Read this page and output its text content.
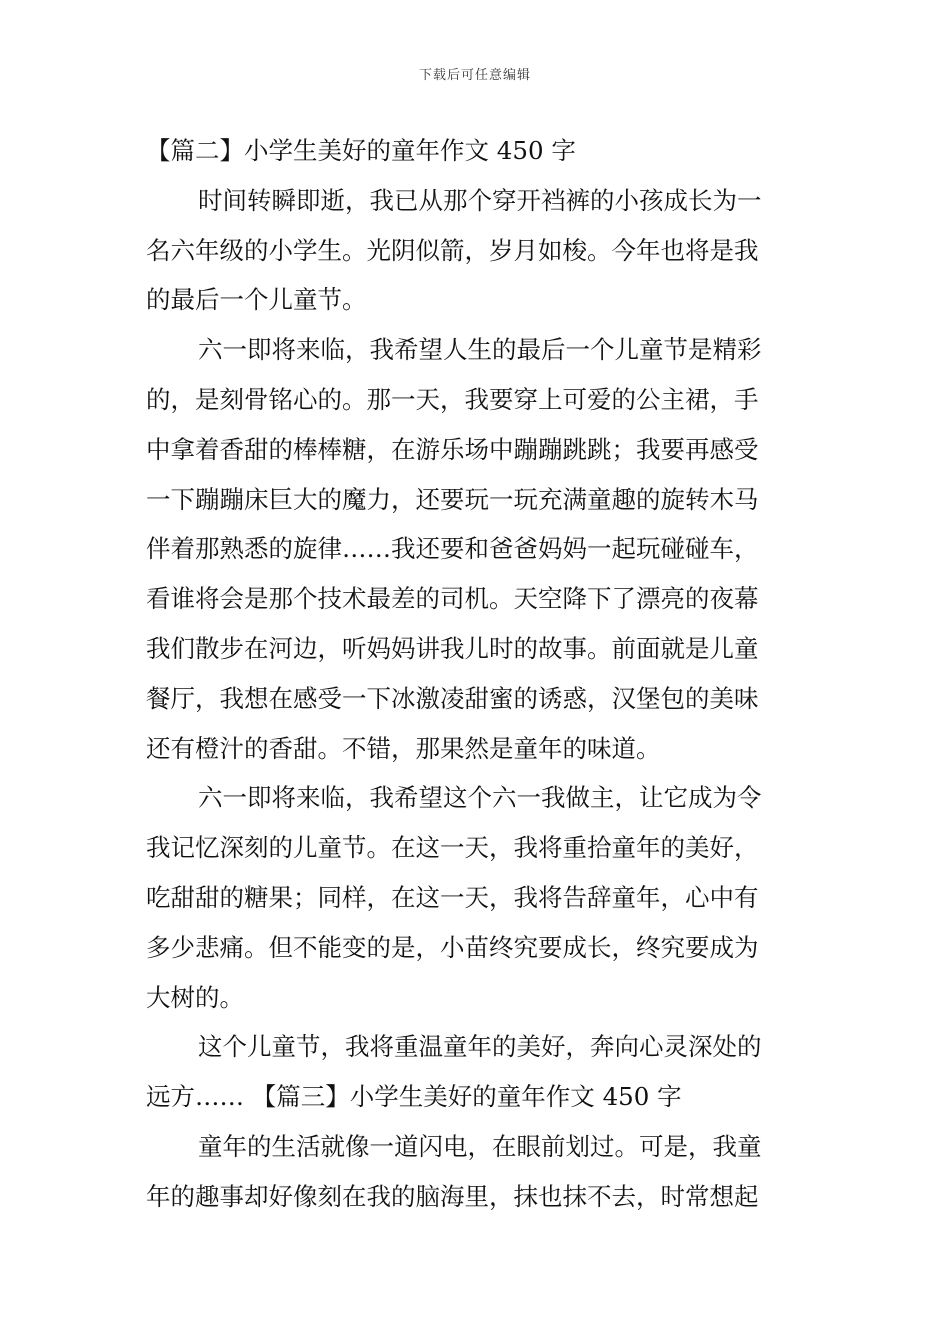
下载后可任意编辑
【篇二】小学生美好的童年作文 450 字
时间转瞬即逝，我已从那个穿开裆裤的小孩成长为一
名六年级的小学生。光阴似箭，岁月如梭。今年也将是我
的最后一个儿童节。
六一即将来临，我希望人生的最后一个儿童节是精彩
的，是刻骨铭心的。那一天，我要穿上可爱的公主裙，手
中拿着香甜的棒棒糖，在游乐场中蹦蹦跳跳；我要再感受
一下蹦蹦床巨大的魔力，还要玩一玩充满童趣的旋转木马
伴着那熟悉的旋律……我还要和爸爸妈妈一起玩碰碰车，
看谁将会是那个技术最差的司机。天空降下了漂亮的夜幕
我们散步在河边，听妈妈讲我儿时的故事。前面就是儿童
餐厅，我想在感受一下冰激凌甜蜜的诱惑，汉堡包的美味
还有橙汁的香甜。不错，那果然是童年的味道。
六一即将来临，我希望这个六一我做主，让它成为令
我记忆深刻的儿童节。在这一天，我将重拾童年的美好，
吃甜甜的糖果；同样，在这一天，我将告辞童年，心中有
多少悲痛。但不能变的是，小苗终究要成长，终究要成为
大树的。
这个儿童节，我将重温童年的美好，奔向心灵深处的
远方…… 【篇三】小学生美好的童年作文 450 字
童年的生活就像一道闪电，在眼前划过。可是，我童
年的趣事却好像刻在我的脑海里，抹也抹不去，时常想起
